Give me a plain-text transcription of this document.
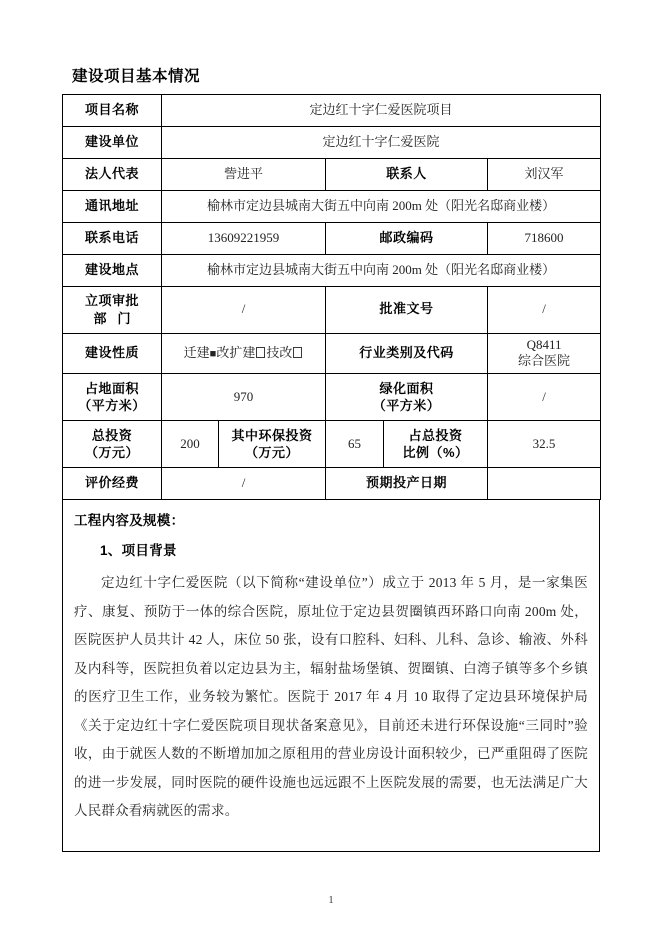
建设项目基本情况
项目名称	定边红十字仁爱医院项目				
建设单位	定边红十字仁爱医院				
法人代表	訾进平		联系人		刘汉军
通讯地址	榆林市定边县城南大街五中向南 200m 处（阳光名邸商业楼）				
联系电话	13609221959		邮政编码		718600
建设地点	榆林市定边县城南大街五中向南 200m 处（阳光名邸商业楼）				

立项审批
部门	/		批准文号		/
建设性质	迁建■改扩建 技改		行业类别及代码		Q8411
综合医院

占地面积
（平方米）	970		绿化面积
（平方米）		/

总投资
（万元）	200	其中环保投资
（万元）	65	占总投资
比例（%）	32.5
评价经费	/		预期投产日期		

工程内容及规模：

1、项目背景

定边红十字仁爱医院（以下简称“建设单位”）成立于 2013 年 5 月，是一家集医疗、康复、预防于一体的综合医院，原址位于定边县贺圈镇西环路口向南 200m 处，医院医护人员共计 42 人，床位 50 张，设有口腔科、妇科、儿科、急诊、输液、外科及内科等，医院担负着以定边县为主，辐射盐场堡镇、贺圈镇、白湾子镇等多个乡镇的医疗卫生工作，业务较为繁忙。医院于 2017 年 4 月 10 取得了定边县环境保护局《关于定边红十字仁爱医院项目现状备案意见》，目前还未进行环保设施“三同时”验收，由于就医人数的不断增加加之原租用的营业房设计面积较少，已严重阻碍了医院的进一步发展，同时医院的硬件设施也远远跟不上医院发展的需要，也无法满足广大人民群众看病就医的需求。

1
